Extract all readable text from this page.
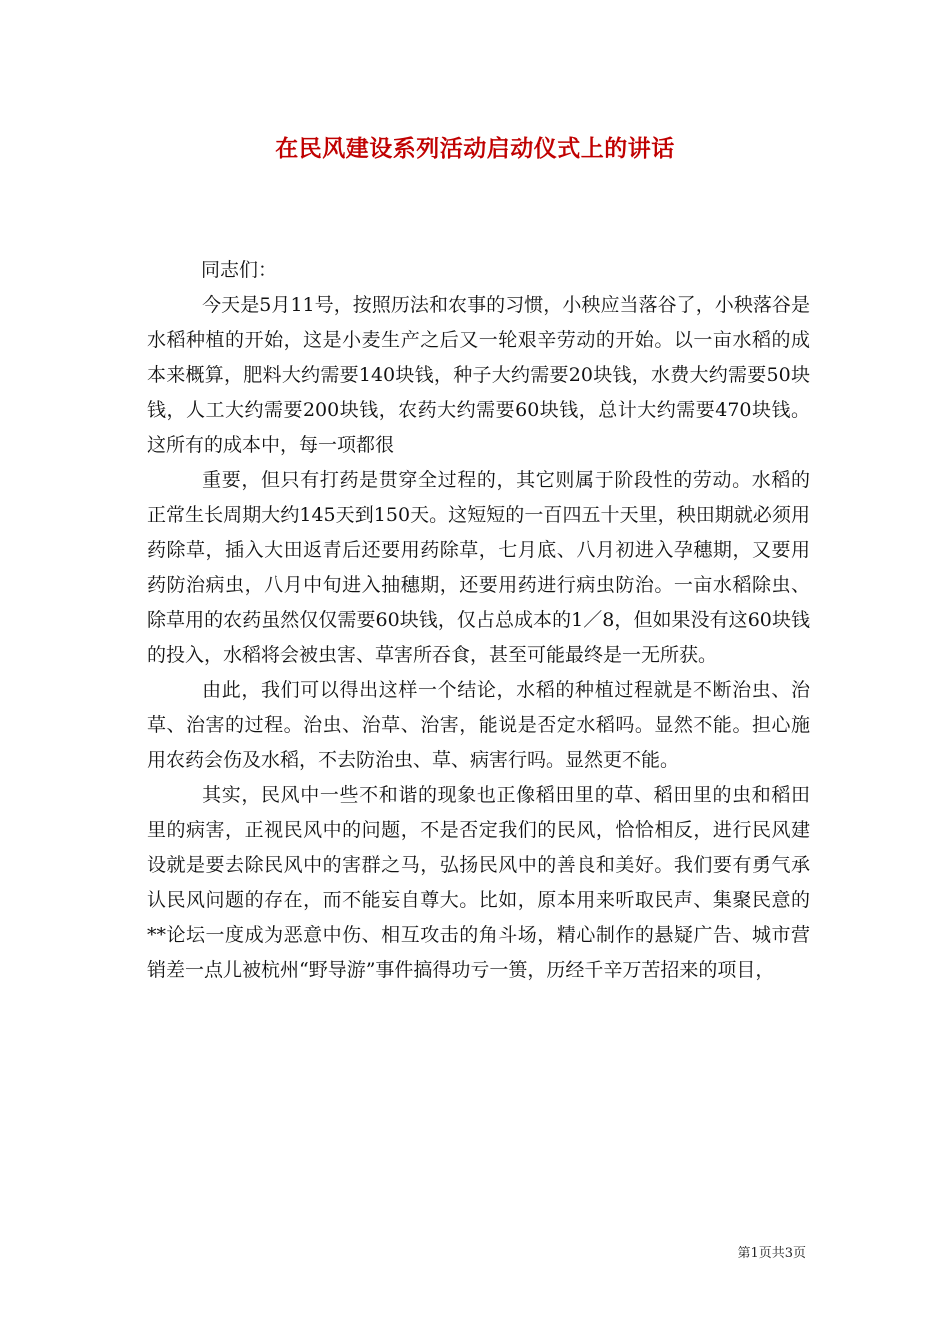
在民风建设系列活动启动仪式上的讲话

同志们：

今天是5月11号，按照历法和农事的习惯，小秧应当落谷了，小秧落谷是水稻种植的开始，这是小麦生产之后又一轮艰辛劳动的开始。以一亩水稻的成本来概算，肥料大约需要140块钱，种子大约需要20块钱，水费大约需要50块钱，人工大约需要200块钱，农药大约需要60块钱，总计大约需要470块钱。这所有的成本中，每一项都很

重要，但只有打药是贯穿全过程的，其它则属于阶段性的劳动。水稻的正常生长周期大约145天到150天。这短短的一百四五十天里，秧田期就必须用药除草，插入大田返青后还要用药除草，七月底、八月初进入孕穗期，又要用药防治病虫，八月中旬进入抽穗期，还要用药进行病虫防治。一亩水稻除虫、除草用的农药虽然仅仅需要60块钱，仅占总成本的1／8，但如果没有这60块钱的投入，水稻将会被虫害、草害所吞食，甚至可能最终是一无所获。

由此，我们可以得出这样一个结论，水稻的种植过程就是不断治虫、治草、治害的过程。治虫、治草、治害，能说是否定水稻吗。显然不能。担心施用农药会伤及水稻，不去防治虫、草、病害行吗。显然更不能。

其实，民风中一些不和谐的现象也正像稻田里的草、稻田里的虫和稻田里的病害，正视民风中的问题，不是否定我们的民风，恰恰相反，进行民风建设就是要去除民风中的害群之马，弘扬民风中的善良和美好。我们要有勇气承认民风问题的存在，而不能妄自尊大。比如，原本用来听取民声、集聚民意的**论坛一度成为恶意中伤、相互攻击的角斗场，精心制作的悬疑广告、城市营销差一点儿被杭州“野导游”事件搞得功亏一篑，历经千辛万苦招来的项目，

第1页共3页
